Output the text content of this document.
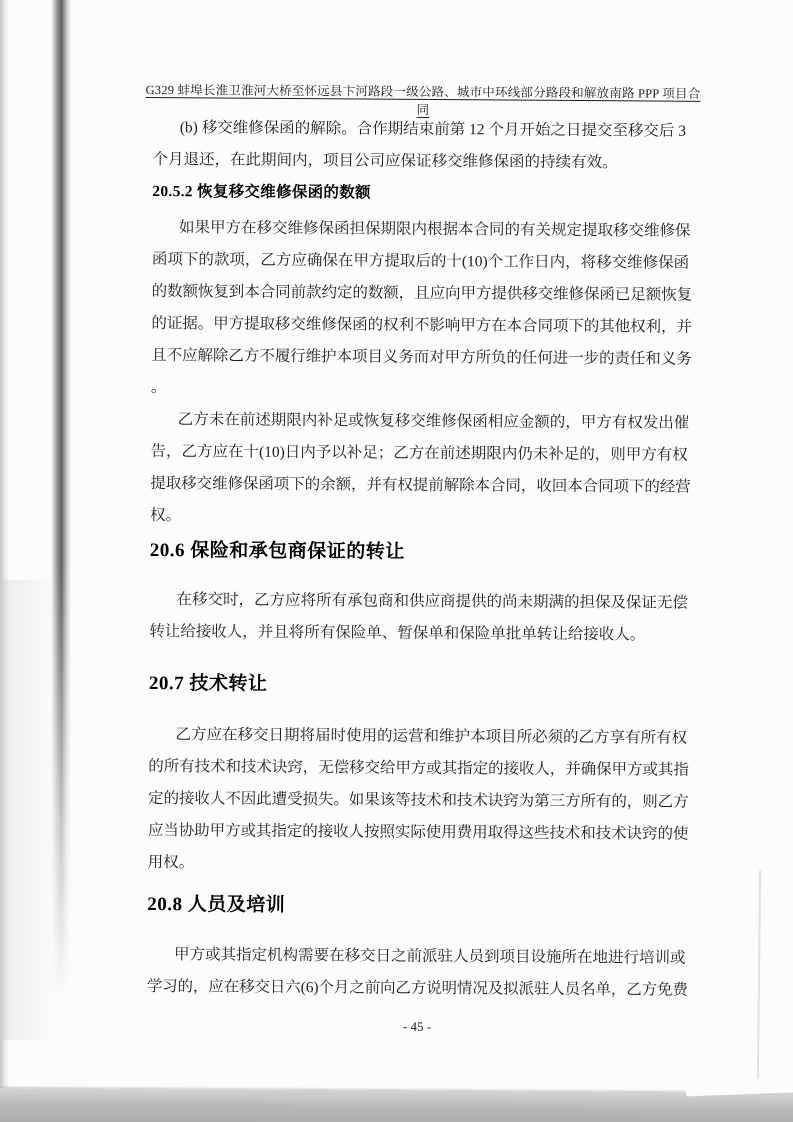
G329 蚌埠长淮卫淮河大桥至怀远县卞河路段一级公路、城市中环线部分路段和解放南路 PPP 项目合同
(b) 移交维修保函的解除。合作期结束前第 12 个月开始之日提交至移交后 3
个月退还，在此期间内，项目公司应保证移交维修保函的持续有效。
20.5.2 恢复移交维修保函的数额
如果甲方在移交维修保函担保期限内根据本合同的有关规定提取移交维修保
函项下的款项，乙方应确保在甲方提取后的十(10)个工作日内，将移交维修保函
的数额恢复到本合同前款约定的数额，且应向甲方提供移交维修保函已足额恢复
的证据。甲方提取移交维修保函的权利不影响甲方在本合同项下的其他权利，并
且不应解除乙方不履行维护本项目义务而对甲方所负的任何进一步的责任和义务
。
乙方未在前述期限内补足或恢复移交维修保函相应金额的，甲方有权发出催
告，乙方应在十(10)日内予以补足；乙方在前述期限内仍未补足的，则甲方有权
提取移交维修保函项下的余额，并有权提前解除本合同，收回本合同项下的经营
权。
20.6 保险和承包商保证的转让
在移交时，乙方应将所有承包商和供应商提供的尚未期满的担保及保证无偿
转让给接收人，并且将所有保险单、暂保单和保险单批单转让给接收人。
20.7 技术转让
乙方应在移交日期将届时使用的运营和维护本项目所必须的乙方享有所有权
的所有技术和技术诀窍，无偿移交给甲方或其指定的接收人，并确保甲方或其指
定的接收人不因此遭受损失。如果该等技术和技术诀窍为第三方所有的，则乙方
应当协助甲方或其指定的接收人按照实际使用费用取得这些技术和技术诀窍的使
用权。
20.8 人员及培训
甲方或其指定机构需要在移交日之前派驻人员到项目设施所在地进行培训或
学习的，应在移交日六(6)个月之前向乙方说明情况及拟派驻人员名单，乙方免费
- 45 -
